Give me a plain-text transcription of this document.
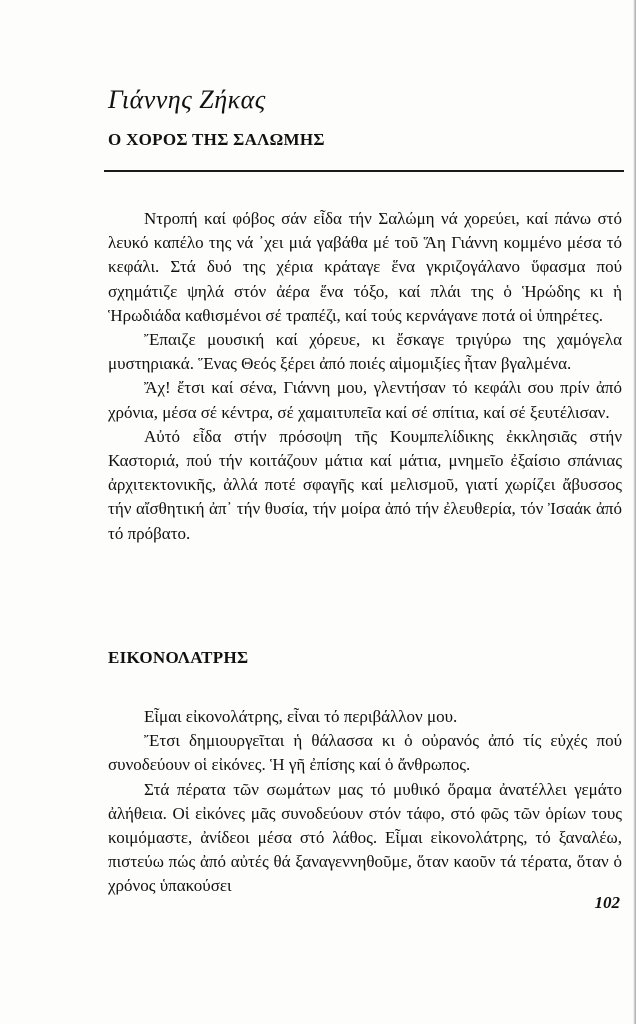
Γιάννης Ζήκας
Ο ΧΟΡΟΣ ΤΗΣ ΣΑΛΩΜΗΣ

Ντροπή καί φόβος σάν εἶδα τήν Σαλώμη νά χορεύει, καί πάνω στό λευκό καπέλο της νά ᾿χει μιά γαβάθα μέ τοῦ Ἅη Γιάννη κομμένο μέσα τό κεφάλι. Στά δυό της χέρια κράταγε ἕνα γκριζογάλανο ὕφασμα πού σχημάτιζε ψηλά στόν ἀέρα ἕνα τόξο, καί πλάι της ὁ Ἡρώδης κι ἡ Ἡρωδιάδα καθισμένοι σέ τραπέζι, καί τούς κερνάγανε ποτά οἱ ὑπηρέτες.

Ἔπαιζε μουσική καί χόρευε, κι ἔσκαγε τριγύρω της χαμόγελα μυστηριακά. Ἕνας Θεός ξέρει ἀπό ποιές αἱμομιξίες ἦταν βγαλμένα.

Ἄχ! ἔτσι καί σένα, Γιάννη μου, γλεντήσαν τό κεφάλι σου πρίν ἀπό χρόνια, μέσα σέ κέντρα, σέ χαμαιτυπεῖα καί σέ σπίτια, καί σέ ξευτέλισαν.

Αὐτό εἶδα στήν πρόσοψη τῆς Κουμπελίδικης ἐκκλησιᾶς στήν Καστοριά, πού τήν κοιτάζουν μάτια καί μάτια, μνημεῖο ἐξαίσιο σπάνιας ἀρχιτεκτονικῆς, ἀλλά ποτέ σφαγῆς καί μελισμοῦ, γιατί χωρίζει ἄβυσσος τήν αἴσθητική ἀπ᾿ τήν θυσία, τήν μοίρα ἀπό τήν ἐλευθερία, τόν Ἰσαάκ ἀπό τό πρόβατο.

ΕΙΚΟΝΟΛΑΤΡΗΣ

Εἶμαι εἰκονολάτρης, εἶναι τό περιβάλλον μου.

Ἔτσι δημιουργεῖται ἡ θάλασσα κι ὁ οὐρανός ἀπό τίς εὐχές πού συνοδεύουν οἱ εἰκόνες. Ἡ γῆ ἐπίσης καί ὁ ἄνθρωπος.

Στά πέρατα τῶν σωμάτων μας τό μυθικό ὅραμα ἀνατέλλει γεμάτο ἀλήθεια. Οἱ εἰκόνες μᾶς συνοδεύουν στόν τάφο, στό φῶς τῶν ὁρίων τους κοιμόμαστε, ἀνίδεοι μέσα στό λάθος. Εἶμαι εἰκονολάτρης, τό ξαναλέω, πιστεύω πώς ἀπό αὐτές θά ξαναγεννηθοῦμε, ὅταν καοῦν τά τέρατα, ὅταν ὁ χρόνος ὑπακούσει

102
